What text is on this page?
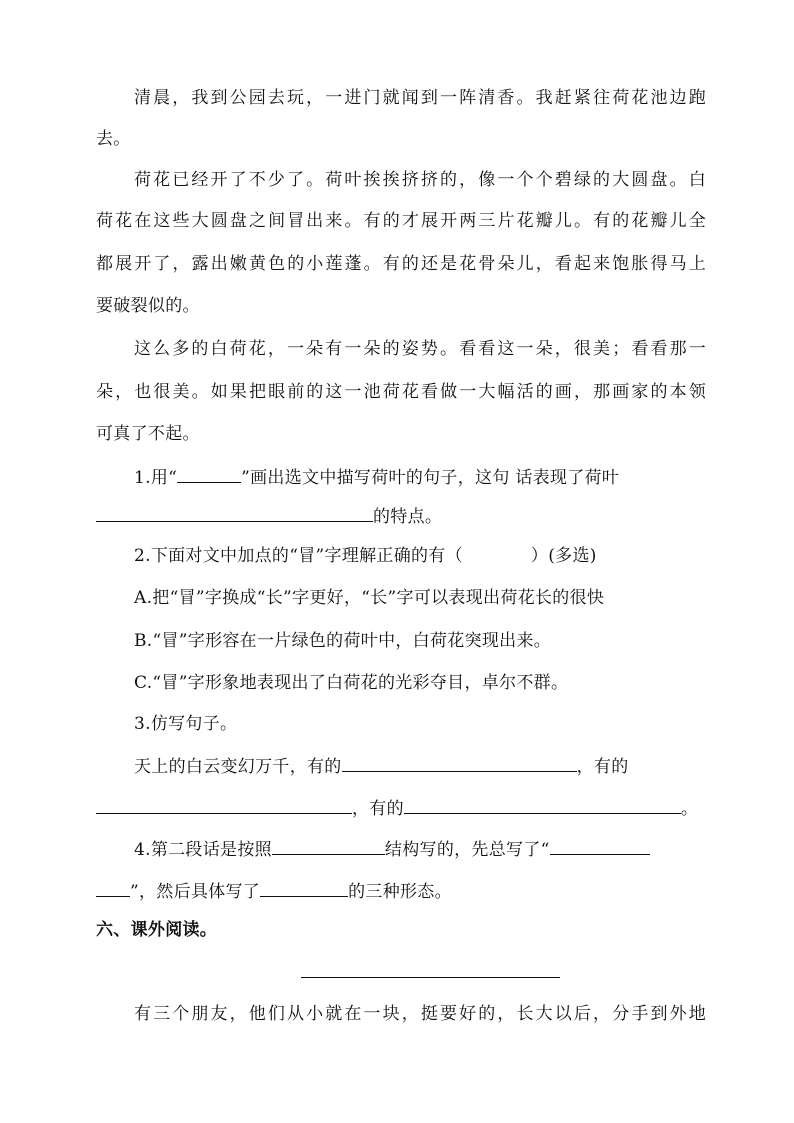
清晨，我到公园去玩，一进门就闻到一阵清香。我赶紧往荷花池边跑
去。
荷花已经开了不少了。荷叶挨挨挤挤的，像一个个碧绿的大圆盘。白
荷花在这些大圆盘之间冒出来。有的才展开两三片花瓣儿。有的花瓣儿全
都展开了，露出嫩黄色的小莲蓬。有的还是花骨朵儿，看起来饱胀得马上
要破裂似的。
这么多的白荷花，一朵有一朵的姿势。看看这一朵，很美；看看那一
朵，也很美。如果把眼前的这一池荷花看做一大幅活的画，那画家的本领
可真了不起。
1.用“	”画出选文中描写荷叶的句子，这句 话表现了荷叶
的特点。
2.下面对文中加点的“冒”字理解正确的有（	）(多选)
A.把“冒”字换成“长”字更好，“长”字可以表现出荷花长的很快
B.“冒”字形容在一片绿色的荷叶中，白荷花突现出来。
C.“冒”字形象地表现出了白荷花的光彩夺目，卓尔不群。
3.仿写句子。
天上的白云变幻万千，有的	，有的
，有的	。
4.第二段话是按照	结构写的，先总写了“
”，然后具体写了	的三种形态。
六、课外阅读。
有三个朋友，他们从小就在一块，挺要好的，长大以后，分手到外地
